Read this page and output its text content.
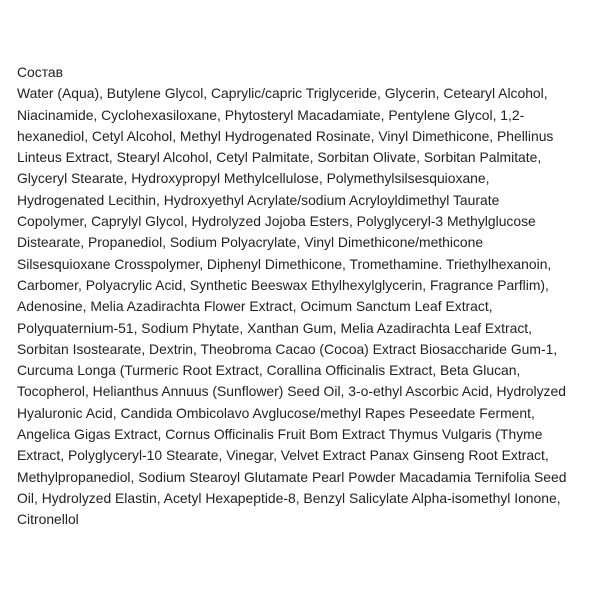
Состав
Water (Aqua), Butylene Glycol, Caprylic/capric Triglyceride, Glycerin, Cetearyl Alcohol,
Niacinamide, Cyclohexasiloxane, Phytosteryl Macadamiate, Pentylene Glycol, 1,2-
hexanediol, Cetyl Alcohol, Methyl Hydrogenated Rosinate, Vinyl Dimethicone, Phellinus
Linteus Extract, Stearyl Alcohol, Cetyl Palmitate, Sorbitan Olivate, Sorbitan Palmitate,
Glyceryl Stearate, Hydroxypropyl Methylcellulose, Polymethylsilsesquioxane,
Hydrogenated Lecithin, Hydroxyethyl Acrylate/sodium Acryloyldimethyl Taurate
Copolymer, Caprylyl Glycol, Hydrolyzed Jojoba Esters, Polyglyceryl-3 Methylglucose
Distearate, Propanediol, Sodium Polyacrylate, Vinyl Dimethicone/methicone
Silsesquioxane Crosspolymer, Diphenyl Dimethicone, Tromethamine. Triethylhexanoin,
Carbomer, Polyacrylic Acid, Synthetic Beeswax Ethylhexylglycerin, Fragrance Parflim),
Adenosine, Melia Azadirachta Flower Extract, Ocimum Sanctum Leaf Extract,
Polyquaternium-51, Sodium Phytate, Xanthan Gum, Melia Azadirachta Leaf Extract,
Sorbitan Isostearate, Dextrin, Theobroma Cacao (Cocoa) Extract Biosaccharide Gum-1,
Curcuma Longa (Turmeric Root Extract, Corallina Officinalis Extract, Beta Glucan,
Tocopherol, Helianthus Annuus (Sunflower) Seed Oil, 3-o-ethyl Ascorbic Acid, Hydrolyzed
Hyaluronic Acid, Candida Ombicolavo Avglucose/methyl Rapes Peseedate Ferment,
Angelica Gigas Extract, Cornus Officinalis Fruit Bom Extract Thymus Vulgaris (Thyme
Extract, Polyglyceryl-10 Stearate, Vinegar, Velvet Extract Panax Ginseng Root Extract,
Methylpropanediol, Sodium Stearoyl Glutamate Pearl Powder Macadamia Ternifolia Seed
Oil, Hydrolyzed Elastin, Acetyl Hexapeptide-8, Benzyl Salicylate Alpha-isomethyl Ionone,
Citronellol
